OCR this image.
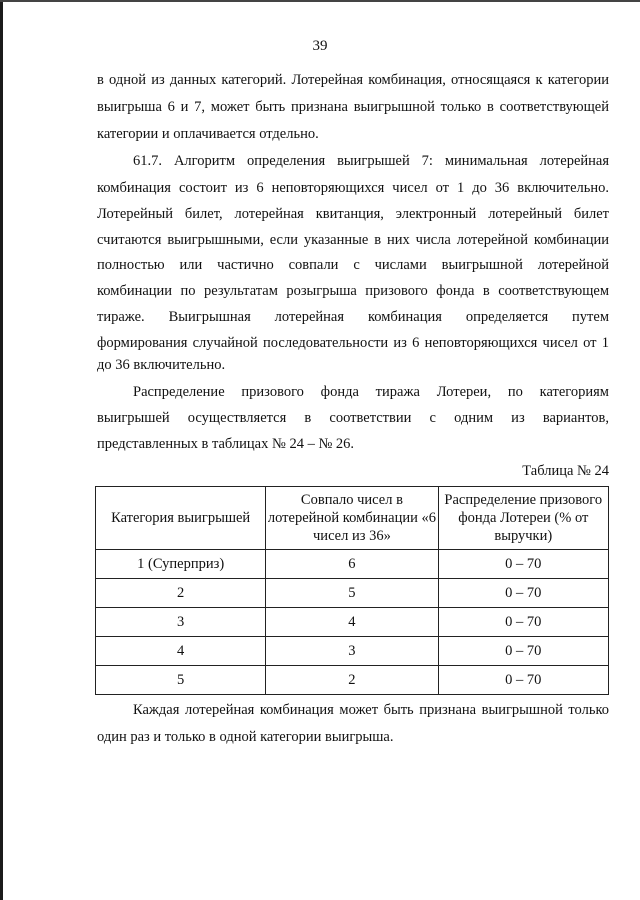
39
в одной из данных категорий. Лотерейная комбинация, относящаяся к категории
выигрыша 6 и 7, может быть признана выигрышной только в соответствующей
категории и оплачивается отдельно.
61.7. Алгоритм определения выигрышей 7: минимальная лотерейная
комбинация состоит из 6 неповторяющихся чисел от 1 до 36 включительно.
Лотерейный билет, лотерейная квитанция, электронный лотерейный билет
считаются выигрышными, если указанные в них числа лотерейной комбинации
полностью или частично совпали с числами выигрышной лотерейной
комбинации по результатам розыгрыша призового фонда в соответствующем
тираже. Выигрышная лотерейная комбинация определяется путем
формирования случайной последовательности из 6 неповторяющихся чисел от 1
до 36 включительно.
Распределение призового фонда тиража Лотереи, по категориям
выигрышей осуществляется в соответствии с одним из вариантов,
представленных в таблицах № 24 – № 26.
Таблица № 24
Категория выигрышей	Совпало чисел в лотерейной комбинации «6 чисел из 36»	Распределение призового фонда Лотереи (% от выручки)
1 (Суперприз)	6	0 – 70
2	5	0 – 70
3	4	0 – 70
4	3	0 – 70
5	2	0 – 70
Каждая лотерейная комбинация может быть признана выигрышной только
один раз и только в одной категории выигрыша.
